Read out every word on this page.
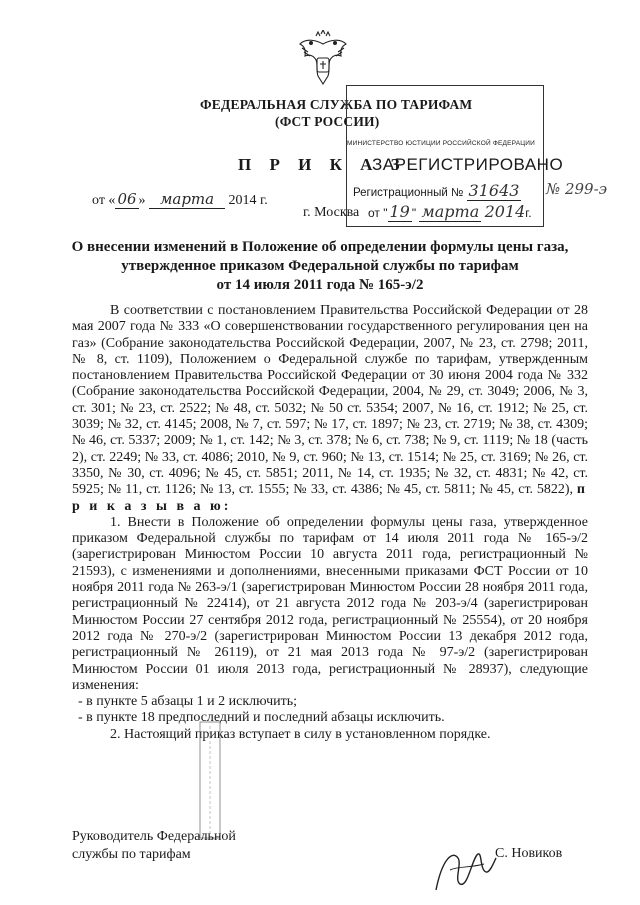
ФЕДЕРАЛЬНАЯ СЛУЖБА ПО ТАРИФАМ
(ФСТ РОССИИ)
П Р И К А З
от « 06 » марта 2014 г.
г. Москва
МИНИСТЕРСТВО ЮСТИЦИИ РОССИЙСКОЙ ФЕДЕРАЦИИ
ЗАРЕГИСТРИРОВАНО
Регистрационный № 31643
от " 19 " марта 2014г.
№ 299-э
О внесении изменений в Положение об определении формулы цены газа,
утвержденное приказом Федеральной службы по тарифам
от 14 июля 2011 года № 165-э/2

В соответствии с постановлением Правительства Российской Федерации от 28 мая 2007 года № 333 «О совершенствовании государственного регулирования цен на газ» (Собрание законодательства Российской Федерации, 2007, № 23, ст. 2798; 2011, № 8, ст. 1109), Положением о Федеральной службе по тарифам, утвержденным постановлением Правительства Российской Федерации от 30 июня 2004 года № 332 (Собрание законодательства Российской Федерации, 2004, № 29, ст. 3049; 2006, № 3, ст. 301; № 23, ст. 2522; № 48, ст. 5032; № 50 ст. 5354; 2007, № 16, ст. 1912; № 25, ст. 3039; № 32, ст. 4145; 2008, № 7, ст. 597; № 17, ст. 1897; № 23, ст. 2719; № 38, ст. 4309; № 46, ст. 5337; 2009; № 1, ст. 142; № 3, ст. 378; № 6, ст. 738; № 9, ст. 1119; № 18 (часть 2), ст. 2249; № 33, ст. 4086; 2010, № 9, ст. 960; № 13, ст. 1514; № 25, ст. 3169; № 26, ст. 3350, № 30, ст. 4096; № 45, ст. 5851; 2011, № 14, ст. 1935; № 32, ст. 4831; № 42, ст. 5925; № 11, ст. 1126; № 13, ст. 1555; № 33, ст. 4386; № 45, ст. 5811; № 45, ст. 5822), п р и к а з ы в а ю:

1. Внести в Положение об определении формулы цены газа, утвержденное приказом Федеральной службы по тарифам от 14 июля 2011 года № 165-э/2 (зарегистрирован Минюстом России 10 августа 2011 года, регистрационный № 21593), с изменениями и дополнениями, внесенными приказами ФСТ России от 10 ноября 2011 года № 263-э/1 (зарегистрирован Минюстом России 28 ноября 2011 года, регистрационный № 22414), от 21 августа 2012 года № 203-э/4 (зарегистрирован Минюстом России 27 сентября 2012 года, регистрационный № 25554), от 20 ноября 2012 года № 270-э/2 (зарегистрирован Минюстом России 13 декабря 2012 года, регистрационный № 26119), от 21 мая 2013 года № 97-э/2 (зарегистрирован Минюстом России 01 июля 2013 года, регистрационный № 28937), следующие изменения:

- в пункте 5 абзацы 1 и 2 исключить;

- в пункте 18 предпоследний и последний абзацы исключить.

2. Настоящий приказ вступает в силу в установленном порядке.

Руководитель Федеральной
службы по тарифам	С. Новиков
